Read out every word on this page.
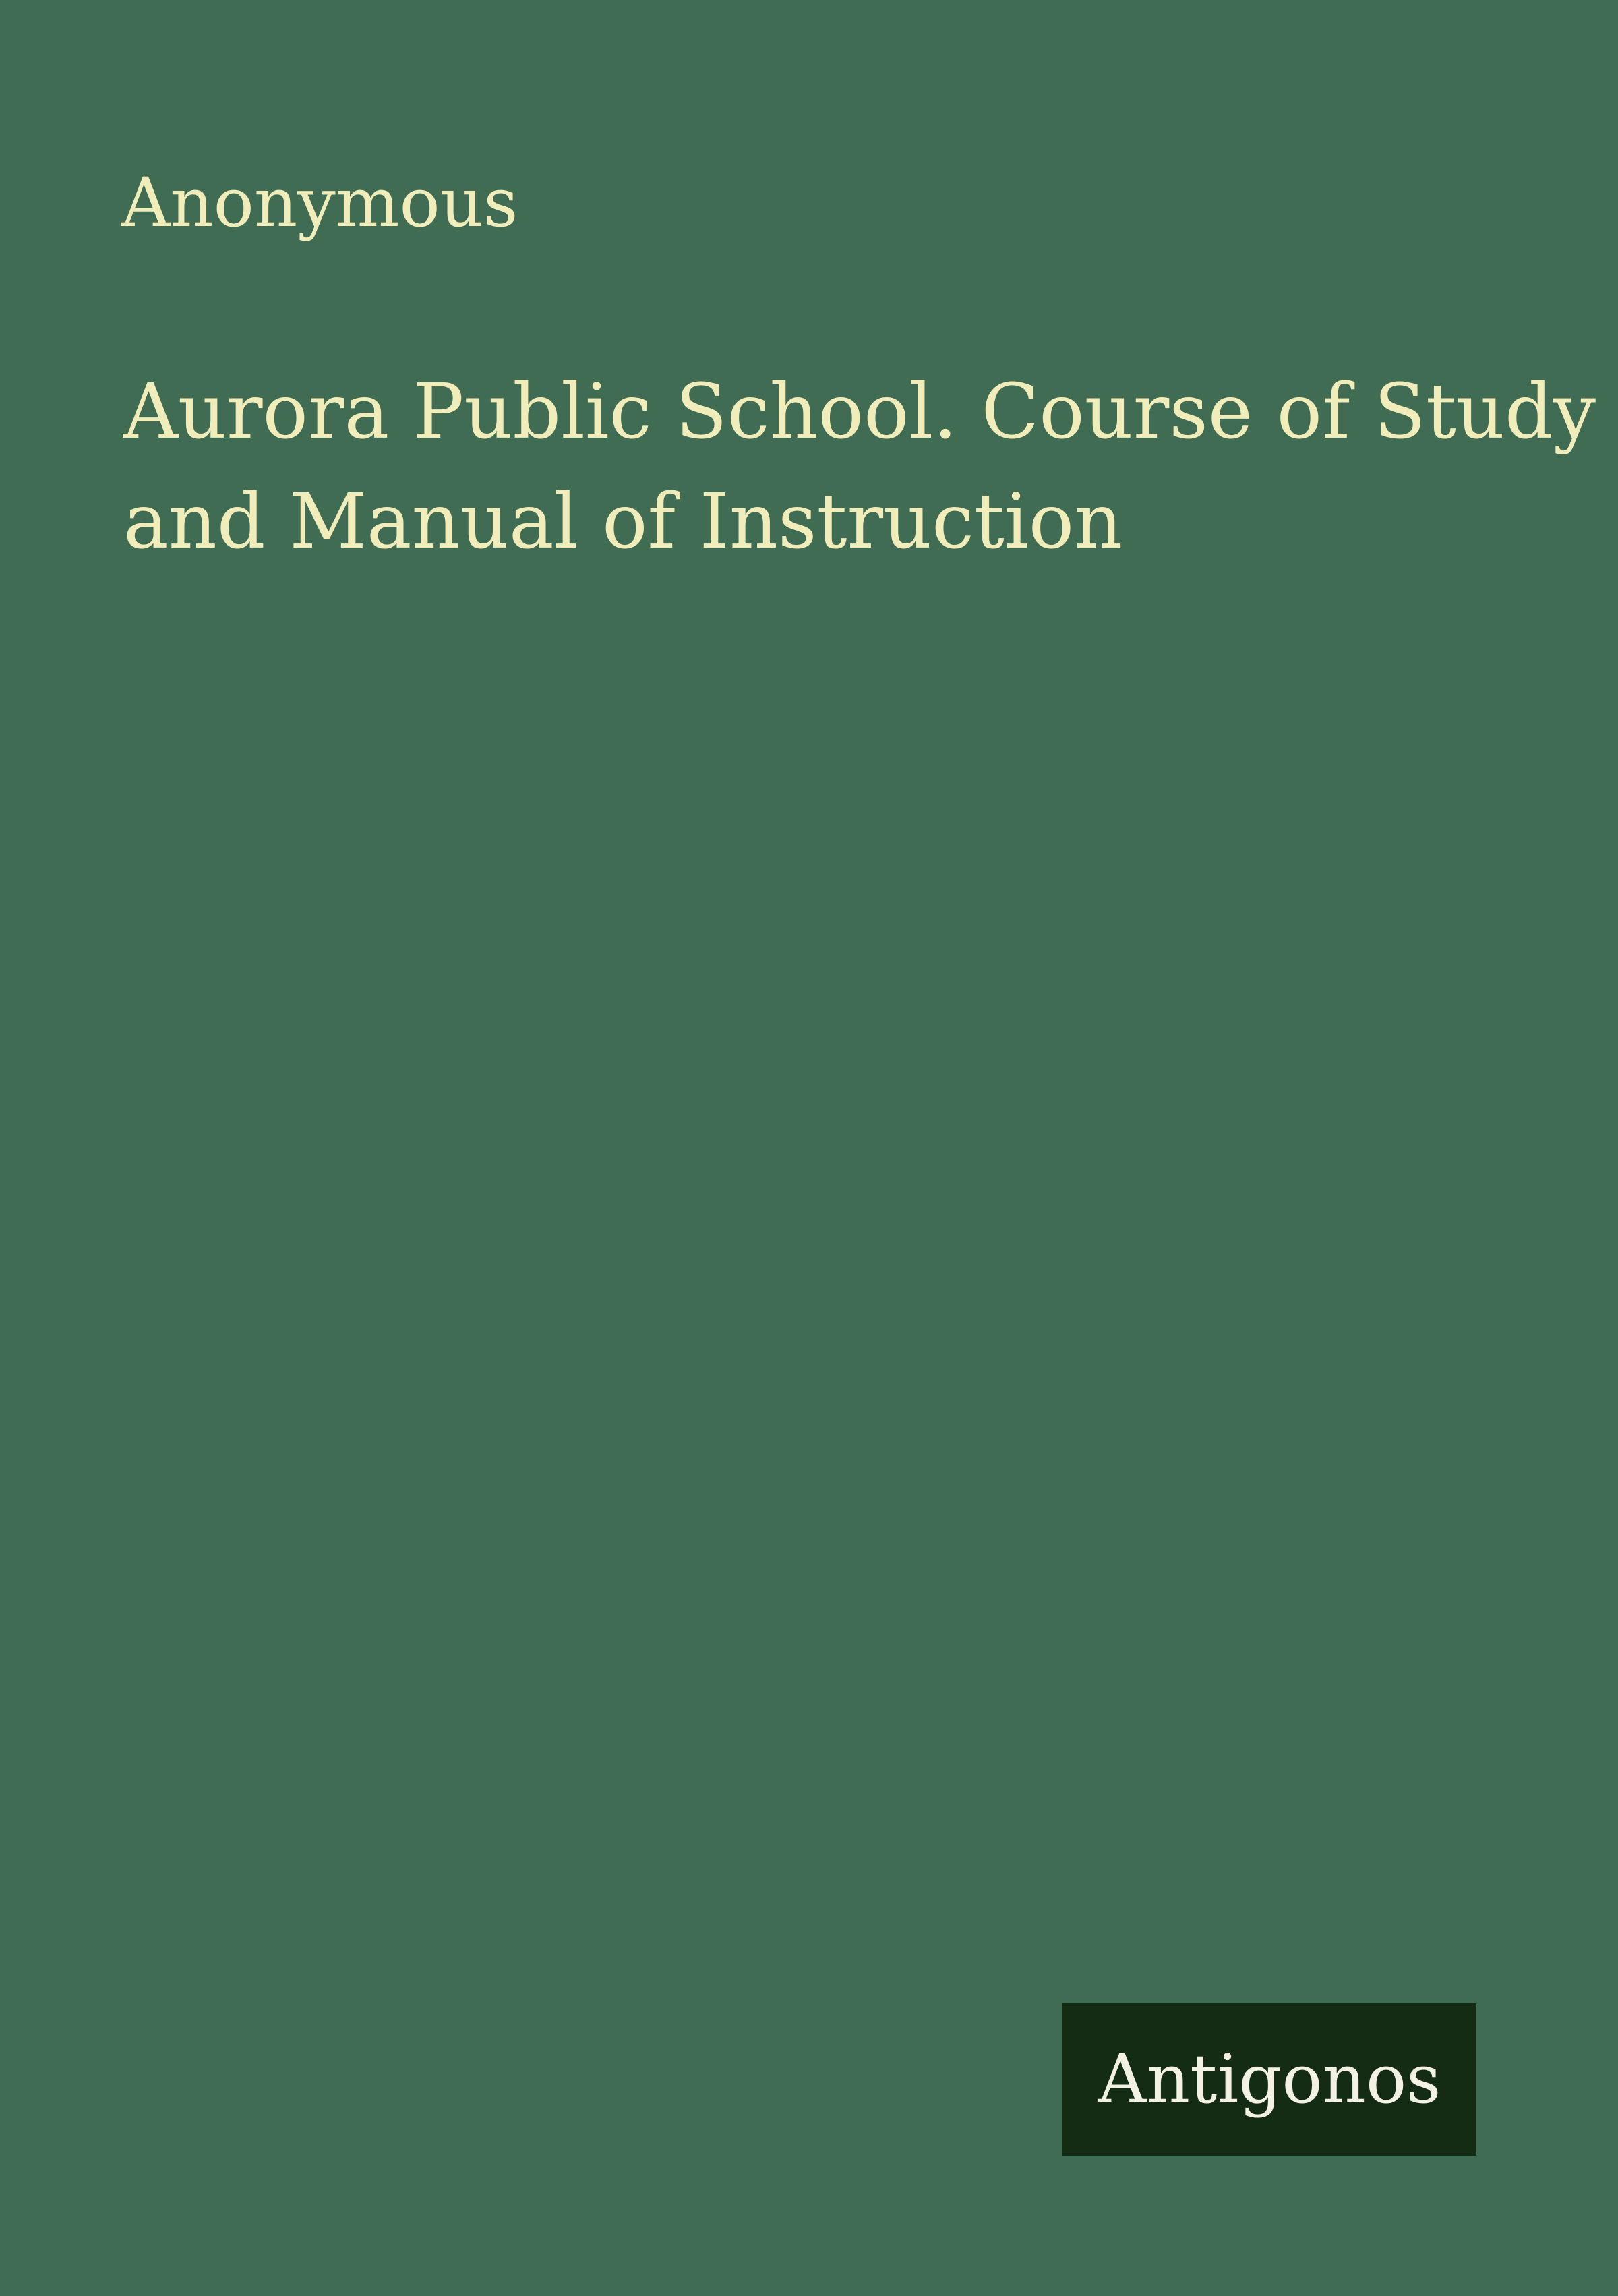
Anonymous
Aurora Public School. Course of Study
and Manual of Instruction
Antigonos
